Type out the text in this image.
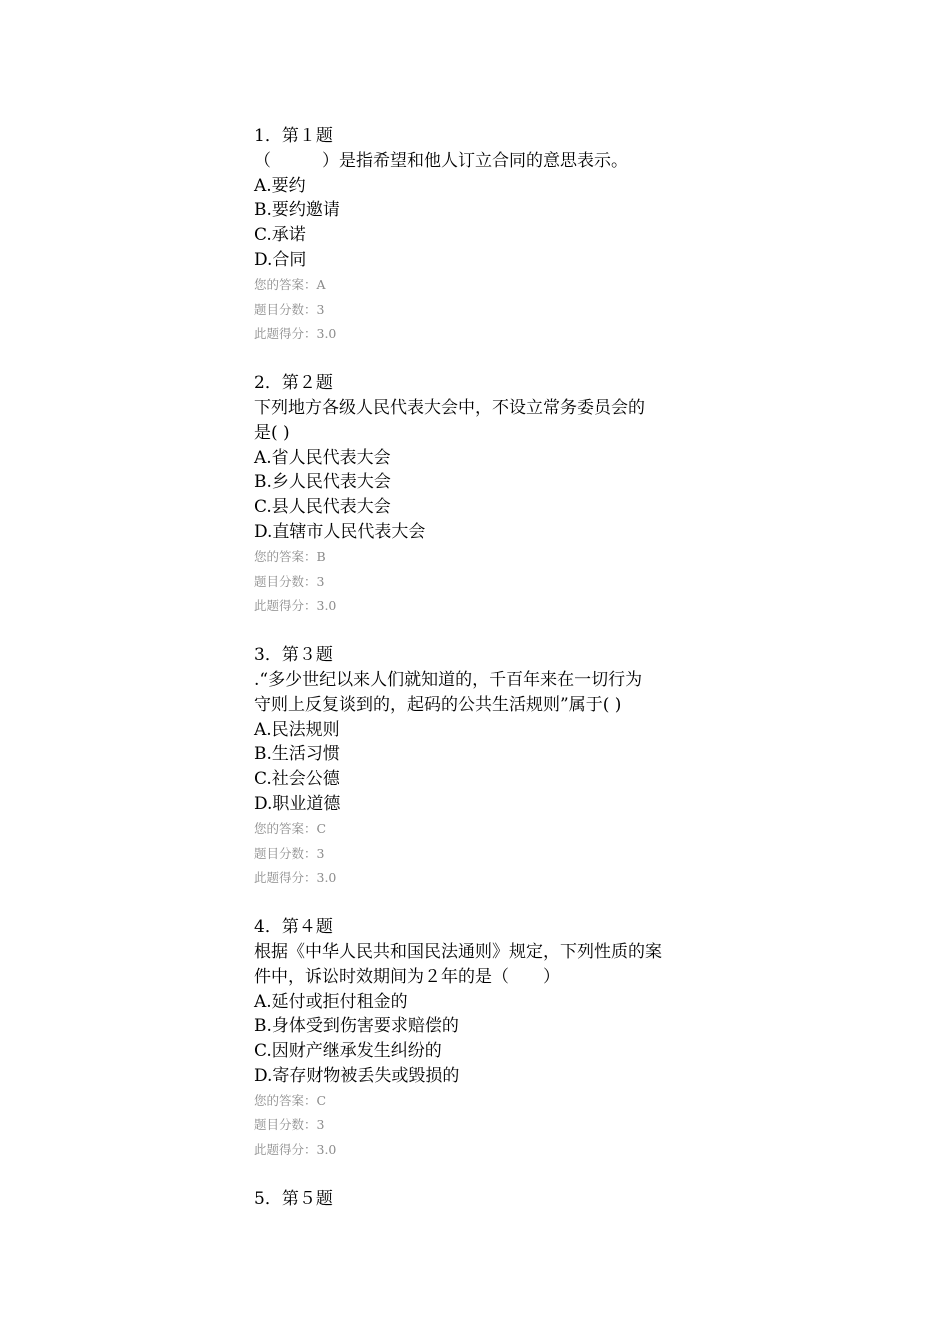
1．第１题
（　　　）是指希望和他人订立合同的意思表示。
A.要约
B.要约邀请
C.承诺
D.合同
您的答案：A
题目分数：3
此题得分：3.0
2．第２题
下列地方各级人民代表大会中，不设立常务委员会的
是( )
A.省人民代表大会
B.乡人民代表大会
C.县人民代表大会
D.直辖市人民代表大会
您的答案：B
题目分数：3
此题得分：3.0
3．第３题
.“多少世纪以来人们就知道的，千百年来在一切行为
守则上反复谈到的，起码的公共生活规则”属于( )
A.民法规则
B.生活习惯
C.社会公德
D.职业道德
您的答案：C
题目分数：3
此题得分：3.0
4．第４题
根据《中华人民共和国民法通则》规定，下列性质的案
件中，诉讼时效期间为２年的是（　　）
A.延付或拒付租金的
B.身体受到伤害要求赔偿的
C.因财产继承发生纠纷的
D.寄存财物被丢失或毁损的
您的答案：C
题目分数：3
此题得分：3.0
5．第５题
